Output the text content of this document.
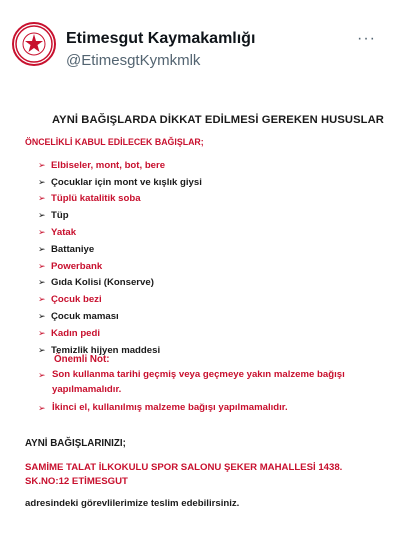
Etimesgut Kaymakamlığı
@EtimesgtKymkmlk
···
AYNİ BAĞIŞLARDA DİKKAT EDİLMESİ GEREKEN HUSUSLAR
ÖNCELİKLİ KABUL EDİLECEK BAĞIŞLAR;
➢ Elbiseler, mont, bot, bere
➢ Çocuklar için mont ve kışlık giysi
➢ Tüplü katalitik soba
➢ Tüp
➢ Yatak
➢ Battaniye
➢ Powerbank
➢ Gıda Kolisi (Konserve)
➢ Çocuk bezi
➢ Çocuk maması
➢ Kadın pedi
➢ Temizlik hijyen maddesi
Önemli Not:
➢ Son kullanma tarihi geçmiş veya geçmeye yakın malzeme bağışı yapılmamalıdır.
➢ İkinci el, kullanılmış malzeme bağışı yapılmamalıdır.
AYNİ BAĞIŞLARINIZI;
SAMİME TALAT İLKOKULU SPOR SALONU ŞEKER MAHALLESİ 1438. SK.NO:12 ETİMESGUT
adresindeki görevlilerimize teslim edebilirsiniz.
